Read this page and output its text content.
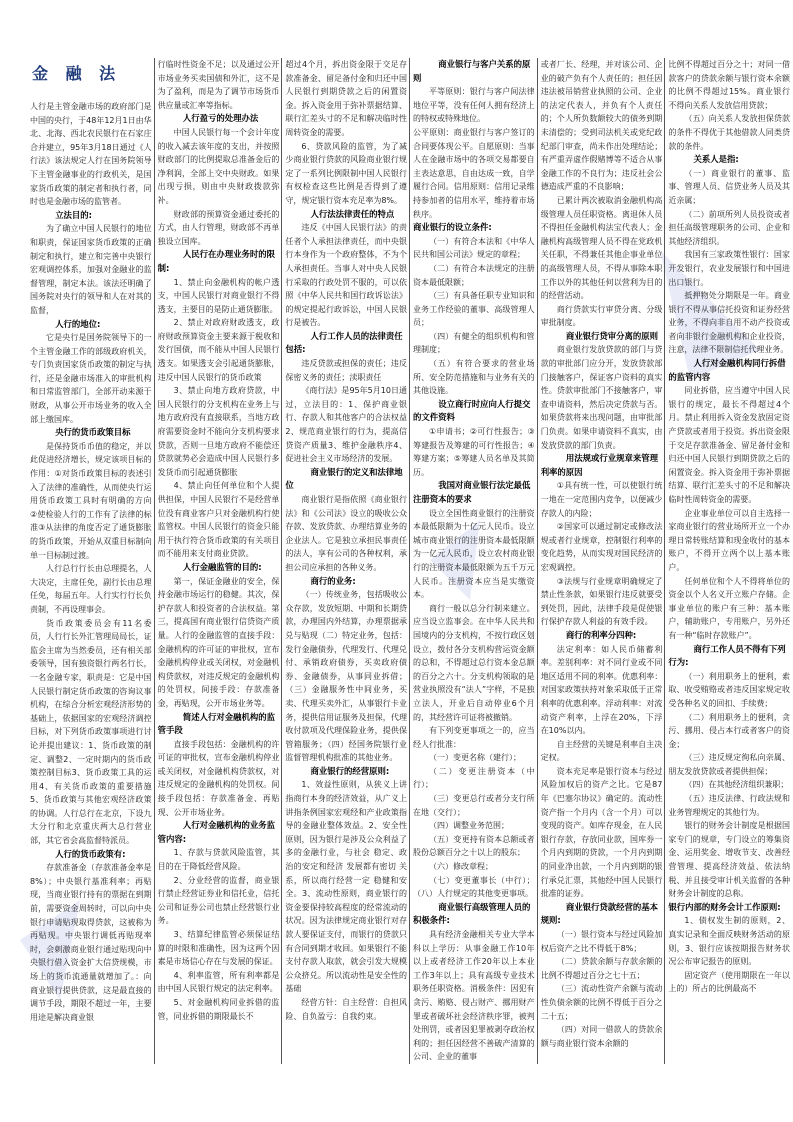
金 融 法

人行是主管金融市场的政府部门是中国的央行，于48年12月1日由华北、北海、西北农民银行在石家庄合并建立，95年3月18日通过《人行法》该法规定人行在国务院领导下主管金融事业的行政机关，是国家货币政策的制定者和执行者，同时也是金融市场的监管者。

立法目的:

为了确立中国人民银行的地位和职责，保证国家货币政策的正确制定和执行，建立和完善中央银行宏观调控体系，加强对金融业的监督管理，制定本法。该法还明确了国务院对央行的领导和人在对其的监督，

人行的地位:

它是央行是国务院领导下的一个主管金融工作的部级政府机关，专门负责国家货币政策的制定与执行，还是金融市场准入的审批机构和日常监管部门，全部开动来源于财政，从事公开市场业务的收入全部上缴国库。

央行的货币政策目标

是保持货币币值的稳定，并以此促进经济增长，规定该项目标的作用：①对货币政策目标的表述引入了法律的准确性，从而使央行运用货币政策工具时有明确的方向 ②使检验人行的工作有了法律的标准③从法律的角度否定了通货膨胀的货币政策，开始从双重目标制向单一目标制过渡。

人行总行行长由总理提名，人大决定，主席任免，副行长由总理任免，每届五年。人行实行行长负责制，不再设理事会。

货币政策委员会有11名委员，人行行长外汇管理局局长，证监会主席为当然委员，还有相关部委领导，国有独资银行两名行长，一名金融专家，职责是：它是中国人民银行制定货币政策的咨询议事机构，在综合分析宏观经济形势的基础上，依据国家的宏观经济调控目标，对下列货币政策事项进行讨论并提出建议：1、货币政策的制定、调整2、一定时期内的货币政策控制目标3、货币政策工具的运用4、有关货币政策的重要措施5、货币政策与其他宏观经济政策的协调。人行总行在北京，下设九大分行和北京重庆两大总行营业部，其它省会高监督特派员。

人行的货币政策有:

存款准备金（存款准备金率是8%）；中央银行基准利率；再贴现，当商业银行持有的票据在到期前，需要资金周转时，可以向中央银行申请贴现取得贷款，这被称为再贴现。中央银行调低再贴现率时，会刺激商业银行通过贴现向中央银行借入资金扩大信贷规模，市场上的货币流通量就增加了。：向商业银行提供贷款，这是最直接的调节手段，期限不超过一年，主要用途是解决商业银

行临时性资金不足；以及通过公开市场业务买卖国债和外汇，这不是为了盈利，而是为了调节市场货币供应量或汇率等指标。

人行盈亏的处理办法

中国人民银行每一个会计年度的收入减去该年度的支出，并按照财政部门的比例提取总准备金后的净利润，全部上交中央财政。如果出现亏损，则由中央财政拨款弥补。

财政部的预算资金通过委托的方式，由人行管理，财政部不再单独设立国库。

人民行在办理业务时的限制:

1、禁止向金融机构的帐户透支，中国人民银行对商业银行不得透支，主要目的是防止通货膨胀。

2、禁止对政府财政透支，政府财政预算资金主要来源于税收和发行国债，而不能从中国人民银行透支。如果透支会引起通货膨胀，违反中国人民银行的货币政策

3、禁止向地方政府贷款，中国人民银行的分支机构在业务上与地方政府没有直接联系，当地方政府需要资金时不能向分支机构要求贷款，否则一旦地方政府不能偿还贷款就势必会造成中国人民银行多发货币而引起通货膨胀

4、禁止向任何单位和个人提供担保，中国人民银行不是经营单位没有商业客户只对金融机构行使监管权。中国人民银行的资金只能用于执行符合货币政策的有关项目而不能用来支付商业贷款。

人行金融监管的目的:

第一，保证金融业的安全，保持金融市场运行的稳健。其次，保护存款人和投资者的合法权益。第三，提高国有商业银行信贷资产质量。人行的金融监管的直接手段：金融机构的许可证的审批权，宣布金融机构停业或关闭权，对金融机构贷款权，对违反规定的金融机构的处罚权，间接手段：存款准备金，再贴现，公开市场业务等。

简述人行对金融机构的监管手段

直接手段包括：金融机构的许可证的审批权，宣布金融机构停业或关闭权，对金融机构贷款权，对违反规定的金融机构的处罚权。间接手段包括：存款准备金、再贴现、公开市场业务。

人行对金融机构的业务监管内容:

1、存款与贷款风险监管，其目的在于降低经营风险。

2、分业经营的监督，商业银行禁止经营证券业和信托业，信托公司和证券公司也禁止经营银行业务。

3、结算纪律监管必须保证结算的时限和准确性，因为这两个因素是市场信心存在与发展的保证。

4、利率监管，所有利率都是由中国人民银行规定的法定利率。

5、对金融机构同业拆借的监管，同业拆借的期限最长不

超过4个月，拆出资金限于交足存款准备金、留足备付金和归还中国人民银行到期贷款之后的闲置资金。拆入资金用于弥补票据结算、联行汇差头寸的不足和解决临时性周转资金的需要。

6、贷款风险的监管，为了减少商业银行贷款的风险商业银行规定了一系列比例限制中国人民银行有权检查这些比例是否得到了遵守，规定银行资本充足率为8%。

人行法法律责任的特点

违反《中国人民银行法》的责任者个人承担法律责任，而中央银行本身作为一个政府整体，不为个人承担责任。当事人对中央人民银行采取的行政处罚不服的，可以依照《中华人民共和国行政诉讼法》的规定提起行政诉讼，中国人民银行是被告。

人行工作人员的法律责任包括:

违反贷款或担保的责任；违反保密义务的责任；渎职责任

《商行法》是95年5月10日通过，立法目的：1、保护商业银行、存款人和其他客户的合法权益2、规范商业银行的行为，提高信贷资产质量3、维护金融秩序4、促进社会主义市场经济的发展。

商业银行的定义和法律地位

商业银行是指依照《商业银行法》和《公司法》设立的吸收公众存款、发放贷款、办理结算业务的企业法人。它是独立承担民事责任的法人，享有公司的各种权利，承担公司应承担的各种义务。

商行的业务:

（一）传统业务，包括吸收公众存款，发放短期、中期和长期贷款，办理国内外结算，办理票据承兑与贴现（二）特定业务，包括：发行金融债券，代理发行、代理兑付、承销政府债券，买卖政府债券、金融债券，从事同业拆借；（三）金融服务性中间业务，买卖、代理买卖外汇，从事银行卡业务，提供信用证服务及担保，代理收付款项及代理保险业务，提供保管箱服务；（四）经国务院银行业监督管理机构批准的其他业务。

商业银行的经营原则:

1、效益性原则，从狭义上讲指商行本身的经济效益，从广义上讲指条例国家宏观经和产业政策指导的金融业整体效益。2、安全性原则，因为银行是涉及公众利益了多的金融行业，与社会 稳定、政治的安定和经济 发展都有密切 关系，所以商行经营一定 稳健和安全。3、流动性原则，商业银行的资金要保持较高程度的经常流动的状况。因为法律规定商业银行对存款人要保证支付，而银行的贷款只有合同到期才收回。如果银行不能支付存款人取款，就会引发大规模公众挤兑。所以流动性是安全性的基础

经营方针：自主经营：自担风险、自负盈亏：自我约束。

商业银行与客户关系的原则

平等原则：银行与客户间法律地位平等，没有任何人拥有经济上的特权或特殊地位。

公平原则：商业银行与客户签订的合同要体现公平。自愿原则：当事人在金融市场中的各项交易都要自主表达意思，自由达成一致，自学履行合同。信用原则：信用记录维持参加者的信用水平，维持着市场秩序。

商业银行的设立条件:

（一）有符合本法和《中华人民共和国公司法》规定的章程；

（二）有符合本法规定的注册资本最低限额；

（三）有具备任职专业知识和业务工作经验的董事、高级管理人员；

（四）有健全的组织机构和管理制度；

（五）有符合要求的营业场所、安全防范措施和与业务有关的其他设施。

设立商行时应向人行提交的文件资料

①申请书；②可行性报告；③筹建报告及筹建的可行性报告；④筹建方案；⑤筹建人员名单及其简历。

我国对商业银行法定最低注册资本的要求

设立全国性商业银行的注册资本最低限额为十亿元人民币。设立城市商业银行的注册资本最低限额为一亿元人民币，设立农村商业银行的注册资本最低限额为五千万元人民币。注册资本应当是实缴资本。

商行一般以总分行制来建立。应当设立监事会。在中华人民共和国境内的分支机构，不按行政区划设立，拨付各分支机构营运资金额的总和，不得超过总行资本金总额的百分之六十。分支机构领取的是营业执照没有“法人”字样，不是独立法人，开业后自动停业6个月的，其经营许可证将被撤销。

有下列变更事项之一的，应当经人行批准：

（一）变更名称（建行）；

（二）变更注册资本（中行）；

（三）变更总行或者分支行所在地（交行）；

（四）调整业务范围；

（五）变更持有资本总额或者股份总额百分之十以上的股东；

（六）修改章程；

（七）变更董事长（中行）；（八）人行规定的其他变更事项。

商业银行高级管理人员的积极条件:

具有经济金融相关专业大学本科以上学历：从事金融工作10年以上或者经济工作20年以上本业工作3年以上；具有高级专业技术职务任职资格。消极条件：因犯有贪污、贿赂、侵占财产、挪用财产罪或者破坏社会经济秩序罪，被判处刑罚，或者因犯罪被剥夺政治权利的；担任因经营不善破产清算的公司、企业的董事

或者厂长、经理，并对该公司、企业的破产负有个人责任的；担任因违法被吊销营业执照的公司、企业的法定代表人，并负有个人责任的；个人所负数额较大的债务到期未清偿的；受到司法机关或党纪政纪部门审查，尚未作出处理结论；有严重弄虚作假赌博等不适合从事金融工作的不良行为；违反社会公德造成严重的不良影响；

已累计两次被取消金融机构高级管理人员任职资格。离退休人员不得担任金融机构法宝代表人；金融机构高级管理人员不得在党政机关任职，不得兼任其他企事业单位的高级管理人员，不得从事除本职工作以外的其他任何以营利为目的的经营活动。

商行贷款实行审贷分离、分级审批制度。

商业银行贷审分离的原则

商业银行发放贷款的部门与贷款的审批部门应分开，发放贷款部门接触客户，保证客户资料的真实性。贷款审批部门不接触客户，审查申请资料，然后决定贷款与否。如果贷款将来出现问题，由审批部门负责。如果申请资料不真实，由发放贷款的部门负责。

用法规或行业规章来管理利率的原因

①具有统一性，可以使银行统一地在一定范围内竞争，以便减少存款人的内险；

②国家可以通过制定或修改法规或者行业规章，控制银行利率的变化趋势，从而实现对国民经济的宏观调控。

③法规与行业规章明确规定了禁止性条款，如果银行违反就要受到处罚，因此，法律手段是促使银行保护存款人利益的有效手段。

商行的利率分四种:

法定利率：如人民币储蓄利率。差别利率：对不同行业或不同地区适用不同的利率。优惠利率：对国家政策扶持对象采取低于正常利率的优惠利率。浮动利率：对流动资产利率，上浮在20%，下浮在10%以内。

自主经营的关键是利率自主决定权。

资本充足率是银行资本与经过风险加权后的资产之比。它是87年《巴塞尔协议》确定的。流动性资产指一个月内（含一个月）可以变现的资产。如库存现金，在人民银行存款，存放同业款，国库券一个月内到期的贷款，一个月内到期的同业净出款，一个月内到期的银行承兑汇票，其他经中国人民银行批准的证券。

商业银行贷款经营的基本规则:

（一）银行资本与经过风险加权后资产之比不得低于8%；

（二）贷款余额与存款余额的比例不得超过百分之七十五；

（三）流动性资产余额与流动性负债余额的比例不得低于百分之二十五；

（四）对同一借款人的贷款余额与商业银行资本余额的

比例不得超过百分之十；对同一借款客户的贷款余额与银行资本余额的比例不得超过15%。商业银行不得向关系人发放信用贷款；

（五）向关系人发放担保贷款的条件不得优于其他借款人同类贷款的条件。

关系人是指:

（一）商业银行的董事、监事、管理人员、信贷业务人员及其近亲属；

（二）前项所列人员投资或者担任高级管理职务的公司、企业和其他经济组织。

我国有三家政策性银行：国家开发银行，农业发展银行和中国进出口银行。

抵押物处分期限是一年。商业银行不得从事信托投资和证券经营业务，不得向非自用不动产投资或者向非银行金融机构和企业投资，注意，法律不限制信托代理业务。

人行对金融机构同行拆借的监管内容

同业拆借，应当遵守中国人民银行的规定，最长不得超过4个月。禁止利用拆入资金发放固定资产贷款或者用于投资。拆出资金限于交足存款准备金、留足备付金和归还中国人民银行到期贷款之后的闲置资金。拆入资金用于弥补票据结算、联行汇差头寸的不足和解决临时性周转资金的需要。

企业事业单位可以自主选择一家商业银行的营业场所开立一个办理日常转账结算和现金收付的基本账户，不得开立两个以上基本账户。

任何单位和个人不得将单位的资金以个人名义开立账户存储。企事业单位的账户有三种：基本账户，辅助账户，专用账户，另外还有一种“临时存款账户”。

商行工作人员不得有下列行为:

（一）利用职务上的便利，索取、收受贿赂或者违反国家规定收受各种名义的回扣、手续费；

（二）利用职务上的便利，贪污、挪用、侵占本行或者客户的资金；

（三）违反规定徇私向亲属、朋友发放贷款或者提供担保；

（四）在其他经济组织兼职；

（五）违反法律、行政法规和业务管理规定的其他行为。

银行的财务会计制度是根据国家专门的规章，专门设立的筹集资金、运用奖金、增收节支、改善经营管理、提高经济效益、依法纳税、并且接受审计机关监督的各种财务会计制度的总称。

银行内部的财务会计工作原则:

1、债权发生制的原则，2、真实记录和全面反映财务活动的原则，3、银行应该按期报告财务状况公布审记报告的原则。

固定资产（使用期限在一年以上的）所占的比例最高不
